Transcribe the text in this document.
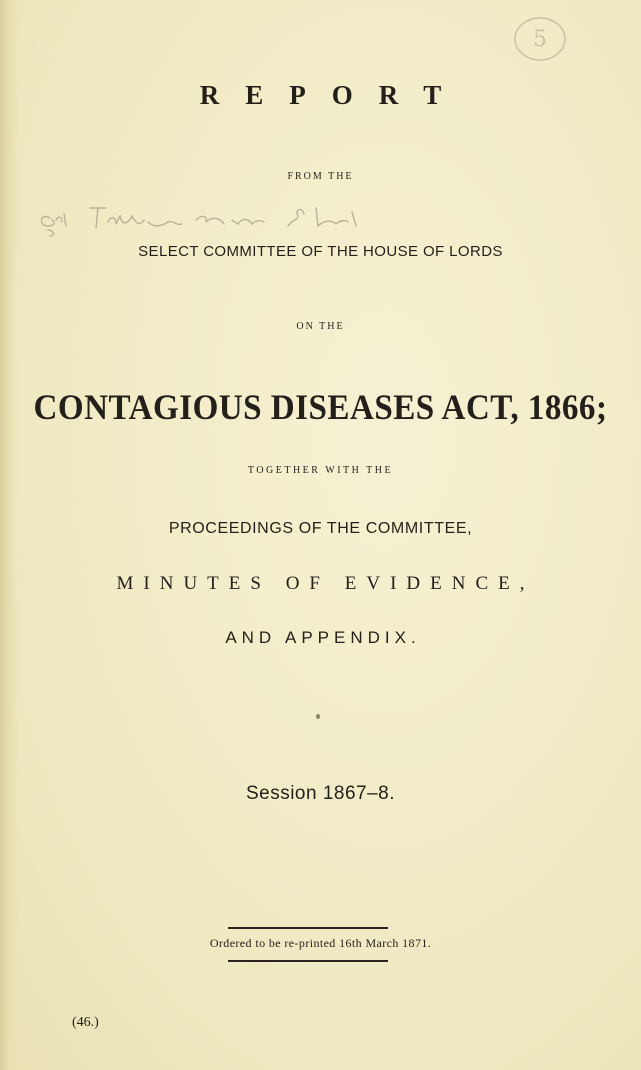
5
REPORT
FROM THE
SELECT COMMITTEE OF THE HOUSE OF LORDS
ON THE
CONTAGIOUS DISEASES ACT, 1866;
TOGETHER WITH THE
PROCEEDINGS OF THE COMMITTEE,
MINUTES OF EVIDENCE,
AND APPENDIX.
Session 1867–8.
Ordered to be re-printed 16th March 1871.
(46.)
